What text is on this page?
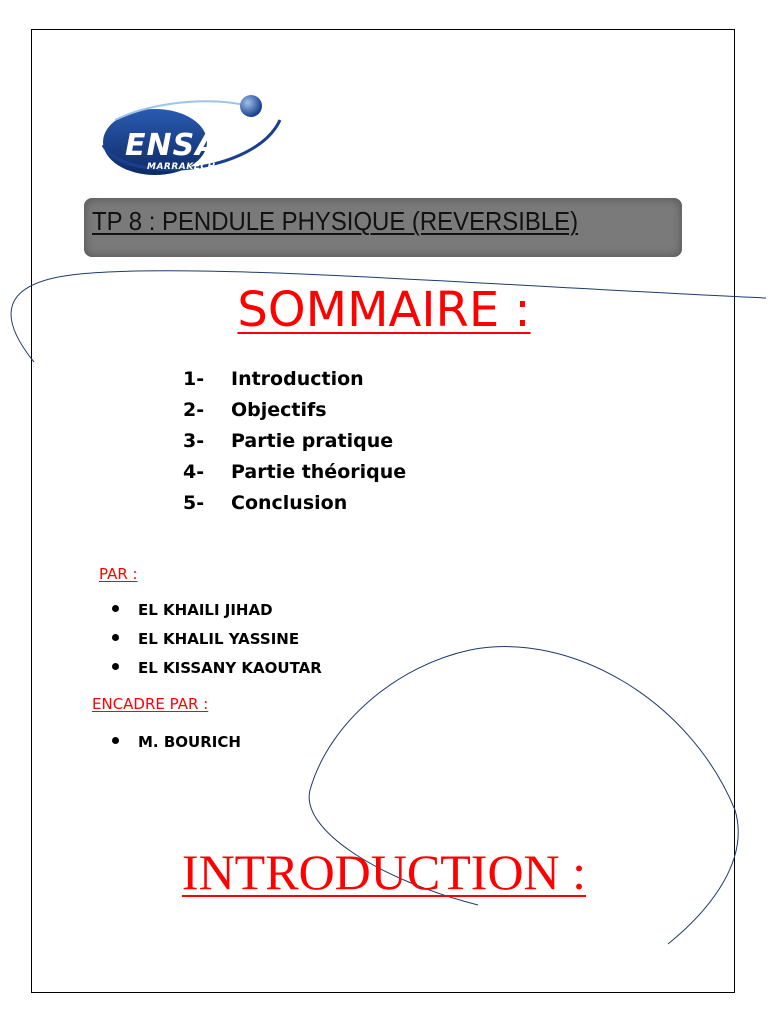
ENSA
MARRAKECH
TP 8 : PENDULE PHYSIQUE (REVERSIBLE)
SOMMAIRE :
1- Introduction
2- Objectifs
3- Partie pratique
4- Partie théorique
5- Conclusion
PAR :
EL KHAILI JIHAD
EL KHALIL YASSINE
EL KISSANY KAOUTAR
ENCADRE PAR :
M. BOURICH
INTRODUCTION :
